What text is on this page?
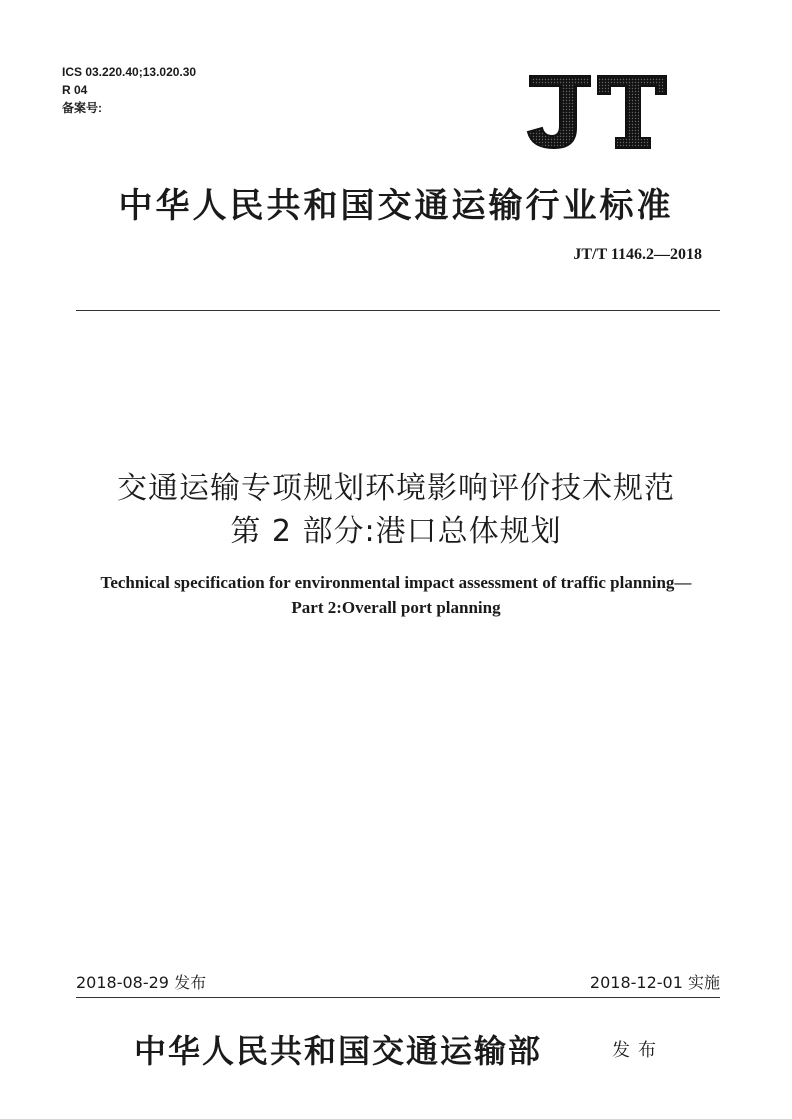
ICS 03.220.40;13.020.30
R 04
备案号:
中华人民共和国交通运输行业标准
JT/T 1146.2—2018
交通运输专项规划环境影响评价技术规范
第 2 部分:港口总体规划
Technical specification for environmental impact assessment of traffic planning—
Part 2:Overall port planning
2018-08-29 发布	2018-12-01 实施
中华人民共和国交通运输部	发布
